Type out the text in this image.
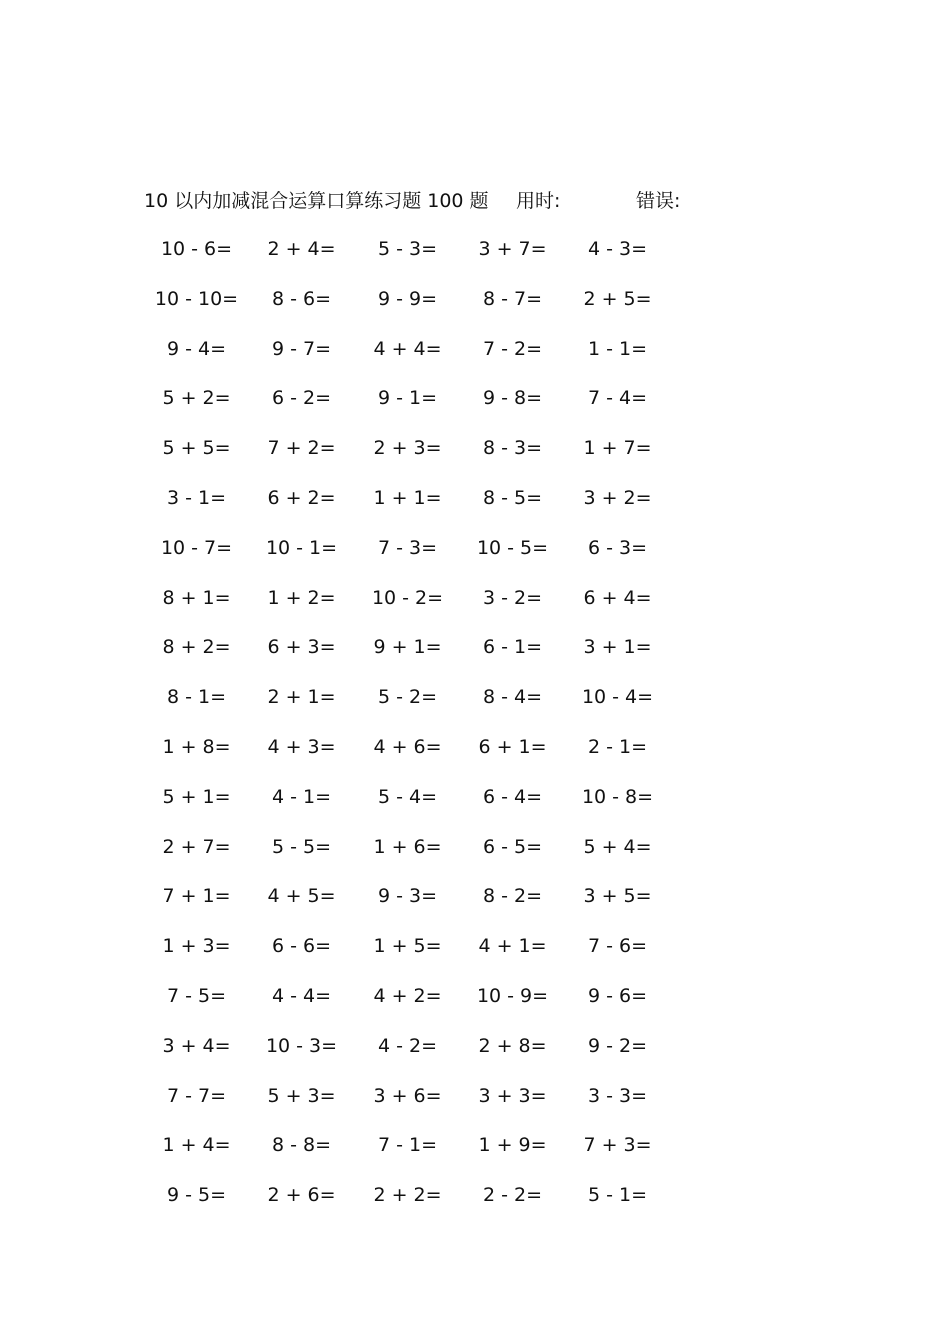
10 以内加减混合运算口算练习题 100 题 用时:	错误:
10 - 6=	2 + 4=	5 - 3=	3 + 7=	4 - 3=
10 - 10=	8 - 6=	9 - 9=	8 - 7=	2 + 5=
9 - 4=	9 - 7=	4 + 4=	7 - 2=	1 - 1=
5 + 2=	6 - 2=	9 - 1=	9 - 8=	7 - 4=
5 + 5=	7 + 2=	2 + 3=	8 - 3=	1 + 7=
3 - 1=	6 + 2=	1 + 1=	8 - 5=	3 + 2=
10 - 7=	10 - 1=	7 - 3=	10 - 5=	6 - 3=
8 + 1=	1 + 2=	10 - 2=	3 - 2=	6 + 4=
8 + 2=	6 + 3=	9 + 1=	6 - 1=	3 + 1=
8 - 1=	2 + 1=	5 - 2=	8 - 4=	10 - 4=
1 + 8=	4 + 3=	4 + 6=	6 + 1=	2 - 1=
5 + 1=	4 - 1=	5 - 4=	6 - 4=	10 - 8=
2 + 7=	5 - 5=	1 + 6=	6 - 5=	5 + 4=
7 + 1=	4 + 5=	9 - 3=	8 - 2=	3 + 5=
1 + 3=	6 - 6=	1 + 5=	4 + 1=	7 - 6=
7 - 5=	4 - 4=	4 + 2=	10 - 9=	9 - 6=
3 + 4=	10 - 3=	4 - 2=	2 + 8=	9 - 2=
7 - 7=	5 + 3=	3 + 6=	3 + 3=	3 - 3=
1 + 4=	8 - 8=	7 - 1=	1 + 9=	7 + 3=
9 - 5=	2 + 6=	2 + 2=	2 - 2=	5 - 1=
